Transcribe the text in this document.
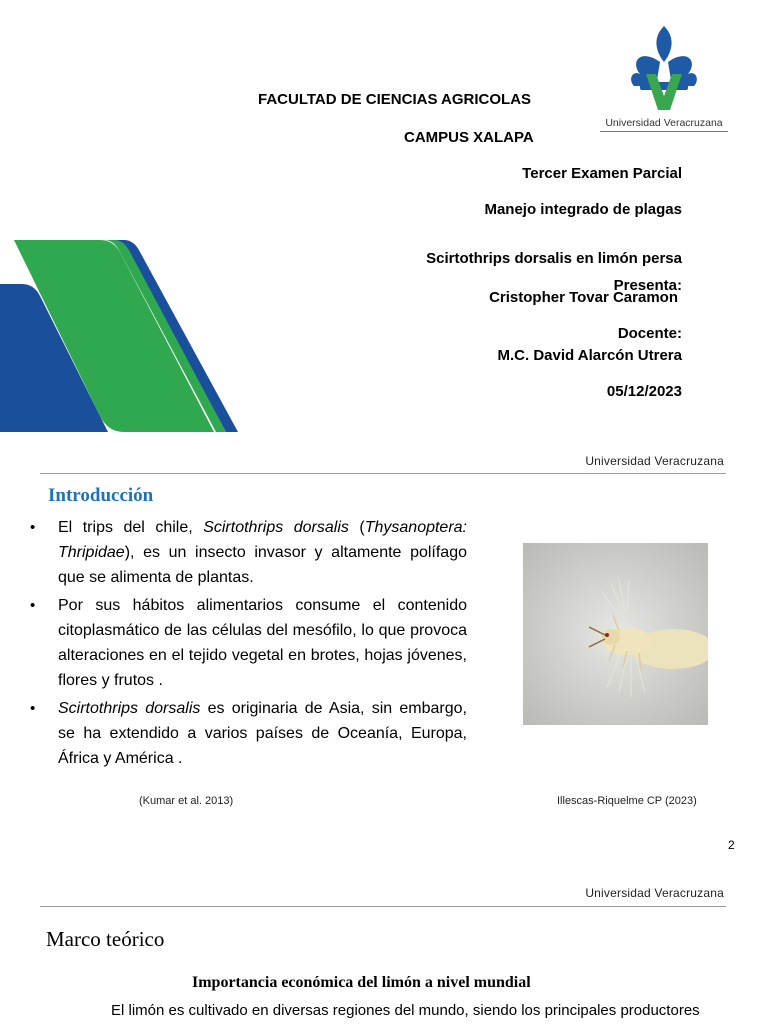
Universidad Veracruzana
FACULTAD DE CIENCIAS AGRICOLAS
CAMPUS XALAPA
Tercer Examen Parcial
Manejo integrado de plagas
Scirtothrips dorsalis en limón persa
Presenta:
Cristopher Tovar Caramon
Docente:
M.C. David Alarcón Utrera
05/12/2023
Universidad Veracruzana
Introducción
• El trips del chile, Scirtothrips dorsalis (Thysanoptera: Thripidae), es un insecto invasor y altamente polífago que se alimenta de plantas.
• Por sus hábitos alimentarios consume el contenido citoplasmático de las células del mesófilo, lo que provoca alteraciones en el tejido vegetal en brotes, hojas jóvenes, flores y frutos .
• Scirtothrips dorsalis es originaria de Asia, sin embargo, se ha extendido a varios países de Oceanía, Europa, África y América .
(Kumar et al. 2013)	Illescas-Riquelme CP (2023)
2
Universidad Veracruzana
Marco teórico
Importancia económica del limón a nivel mundial
El limón es cultivado en diversas regiones del mundo, siendo los principales productores
